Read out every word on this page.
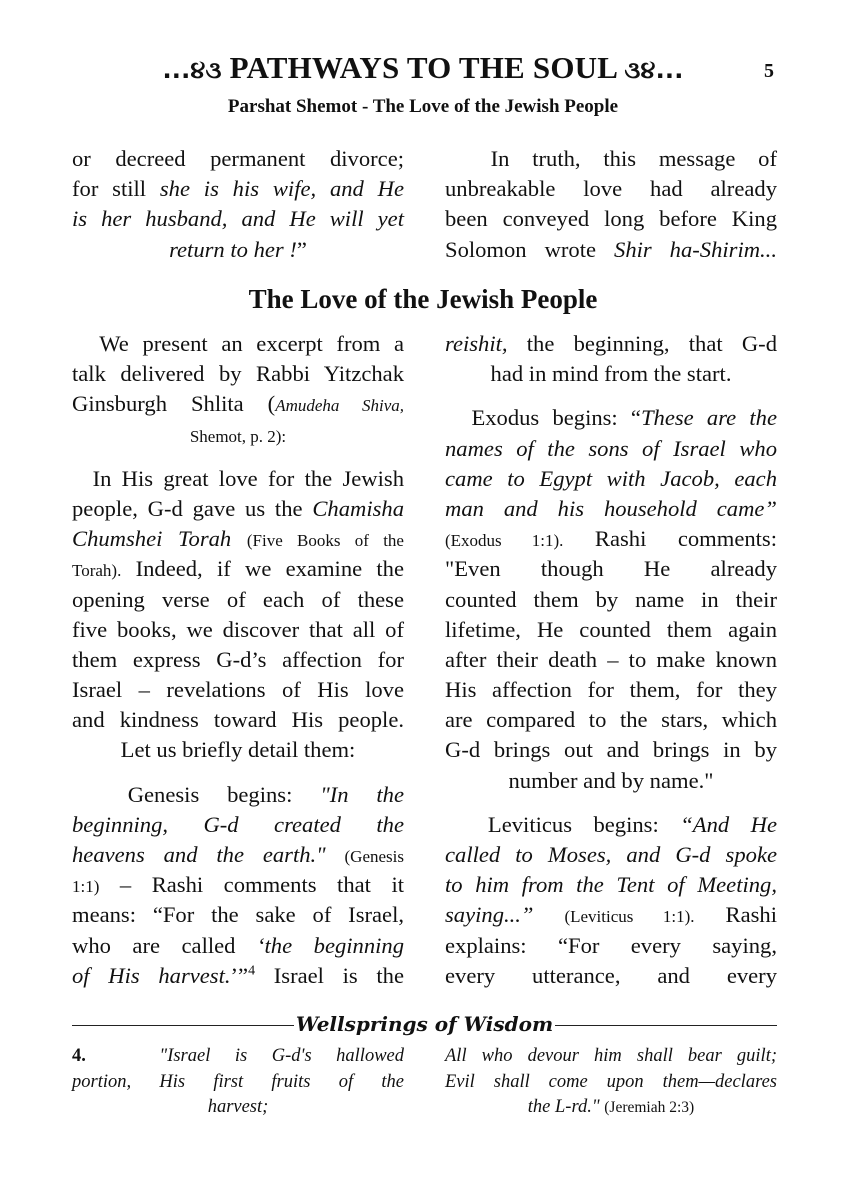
...૪૩ PATHWAYS TO THE SOUL ૩૪...	5
Parshat Shemot - The Love of the Jewish People
or decreed permanent divorce;
for still she is his wife, and He
is her husband, and He will yet
return to her !”
In truth, this message of
unbreakable love had already
been conveyed long before King
Solomon wrote Shir ha-Shirim...
The Love of the Jewish People
We present an excerpt from a
talk delivered by Rabbi Yitzchak
Ginsburgh Shlita (Amudeha Shiva,
Shemot, p. 2):
In His great love for the Jewish
people, G-d gave us the Chamisha
Chumshei Torah (Five Books of the
Torah). Indeed, if we examine the
opening verse of each of these
five books, we discover that all of
them express G-d’s affection for
Israel – revelations of His love
and kindness toward His people.
Let us briefly detail them:
Genesis begins: "In the
beginning, G-d created the
heavens and the earth." (Genesis
1:1) – Rashi comments that it
means: “For the sake of Israel,
who are called ‘the beginning
of His harvest.’”$^4$ Israel is the
reishit, the beginning, that G-d
had in mind from the start.
Exodus begins: “These are the
names of the sons of Israel who
came to Egypt with Jacob, each
man and his household came”
(Exodus 1:1). Rashi comments:
"Even though He already
counted them by name in their
lifetime, He counted them again
after their death – to make known
His affection for them, for they
are compared to the stars, which
G-d brings out and brings in by
number and by name."
Leviticus begins: “And He
called to Moses, and G-d spoke
to him from the Tent of Meeting,
saying...” (Leviticus 1:1). Rashi
explains: “For every saying,
every utterance, and every
Wellsprings of Wisdom
4.   "Israel is G-d's hallowed
portion, His first fruits of the
harvest;
All who devour him shall bear guilt;
Evil shall come upon them—declares
the L-rd." (Jeremiah 2:3)
